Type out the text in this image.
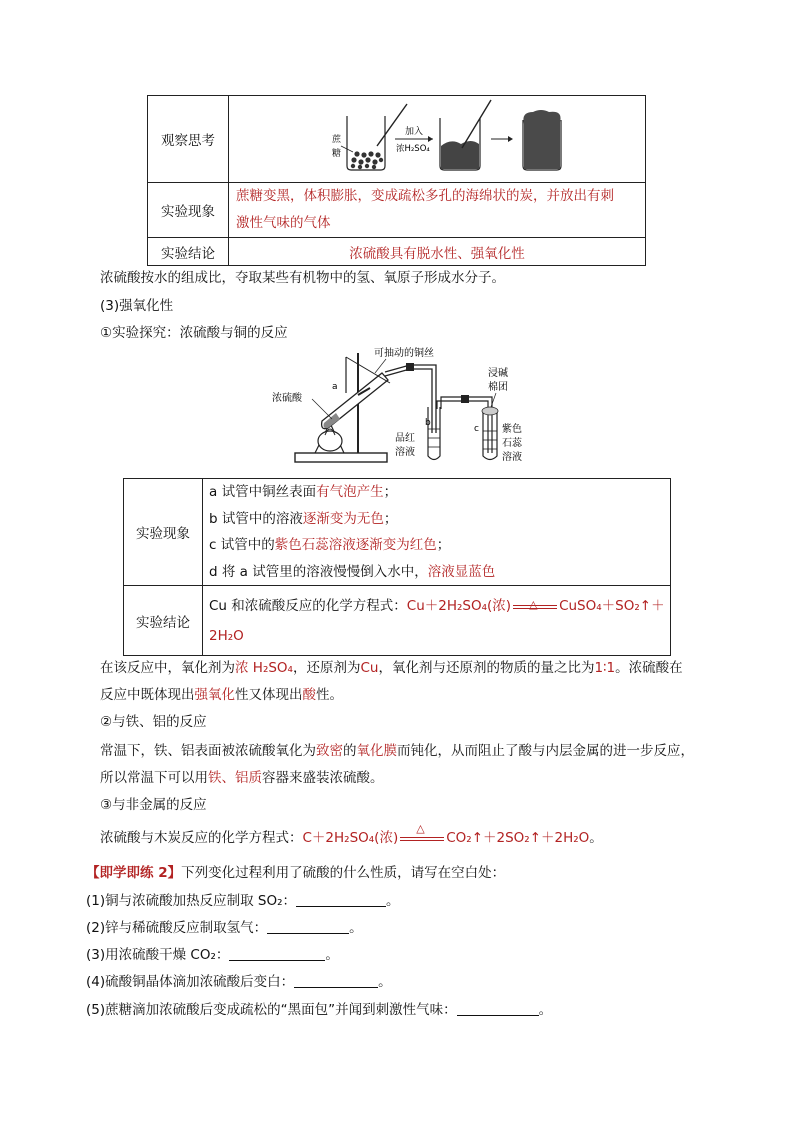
观察思考	蔗
糖
加入
浓H₂SO₄

实验现象	蔗糖变黑，体积膨胀，变成疏松多孔的海绵状的炭，并放出有刺
激性气味的气体

实验结论	浓硫酸具有脱水性、强氧化性
浓硫酸按水的组成比，夺取某些有机物中的氢、氧原子形成水分子。
(3)强氧化性
①实验探究：浓硫酸与铜的反应
可抽动的铜丝
浓硫酸
a
b
品红
溶液
c
浸碱
棉团
紫色
石蕊
溶液
实验现象	a 试管中铜丝表面有气泡产生；
b 试管中的溶液逐渐变为无色；
c 试管中的紫色石蕊溶液逐渐变为红色；
d 将 a 试管里的溶液慢慢倒入水中，溶液显蓝色

实验结论	Cu 和浓硫酸反应的化学方程式：Cu＋2H₂SO₄(浓) △ CuSO₄＋SO₂↑＋
2H₂O
在该反应中，氧化剂为浓 H₂SO₄，还原剂为Cu，氧化剂与还原剂的物质的量之比为1∶1。浓硫酸在
反应中既体现出强氧化性又体现出酸性。
②与铁、铝的反应
常温下，铁、铝表面被浓硫酸氧化为致密的氧化膜而钝化，从而阻止了酸与内层金属的进一步反应，
所以常温下可以用铁、铝质容器来盛装浓硫酸。
③与非金属的反应
浓硫酸与木炭反应的化学方程式：C＋2H₂SO₄(浓)
△
CO₂↑＋2SO₂↑＋2H₂O。
【即学即练 2】下列变化过程利用了硫酸的什么性质，请写在空白处：
(1)铜与浓硫酸加热反应制取 SO₂：	。
(2)锌与稀硫酸反应制取氢气：	。
(3)用浓硫酸干燥 CO₂：	。
(4)硫酸铜晶体滴加浓硫酸后变白：	。
(5)蔗糖滴加浓硫酸后变成疏松的“黑面包”并闻到刺激性气味：	。
